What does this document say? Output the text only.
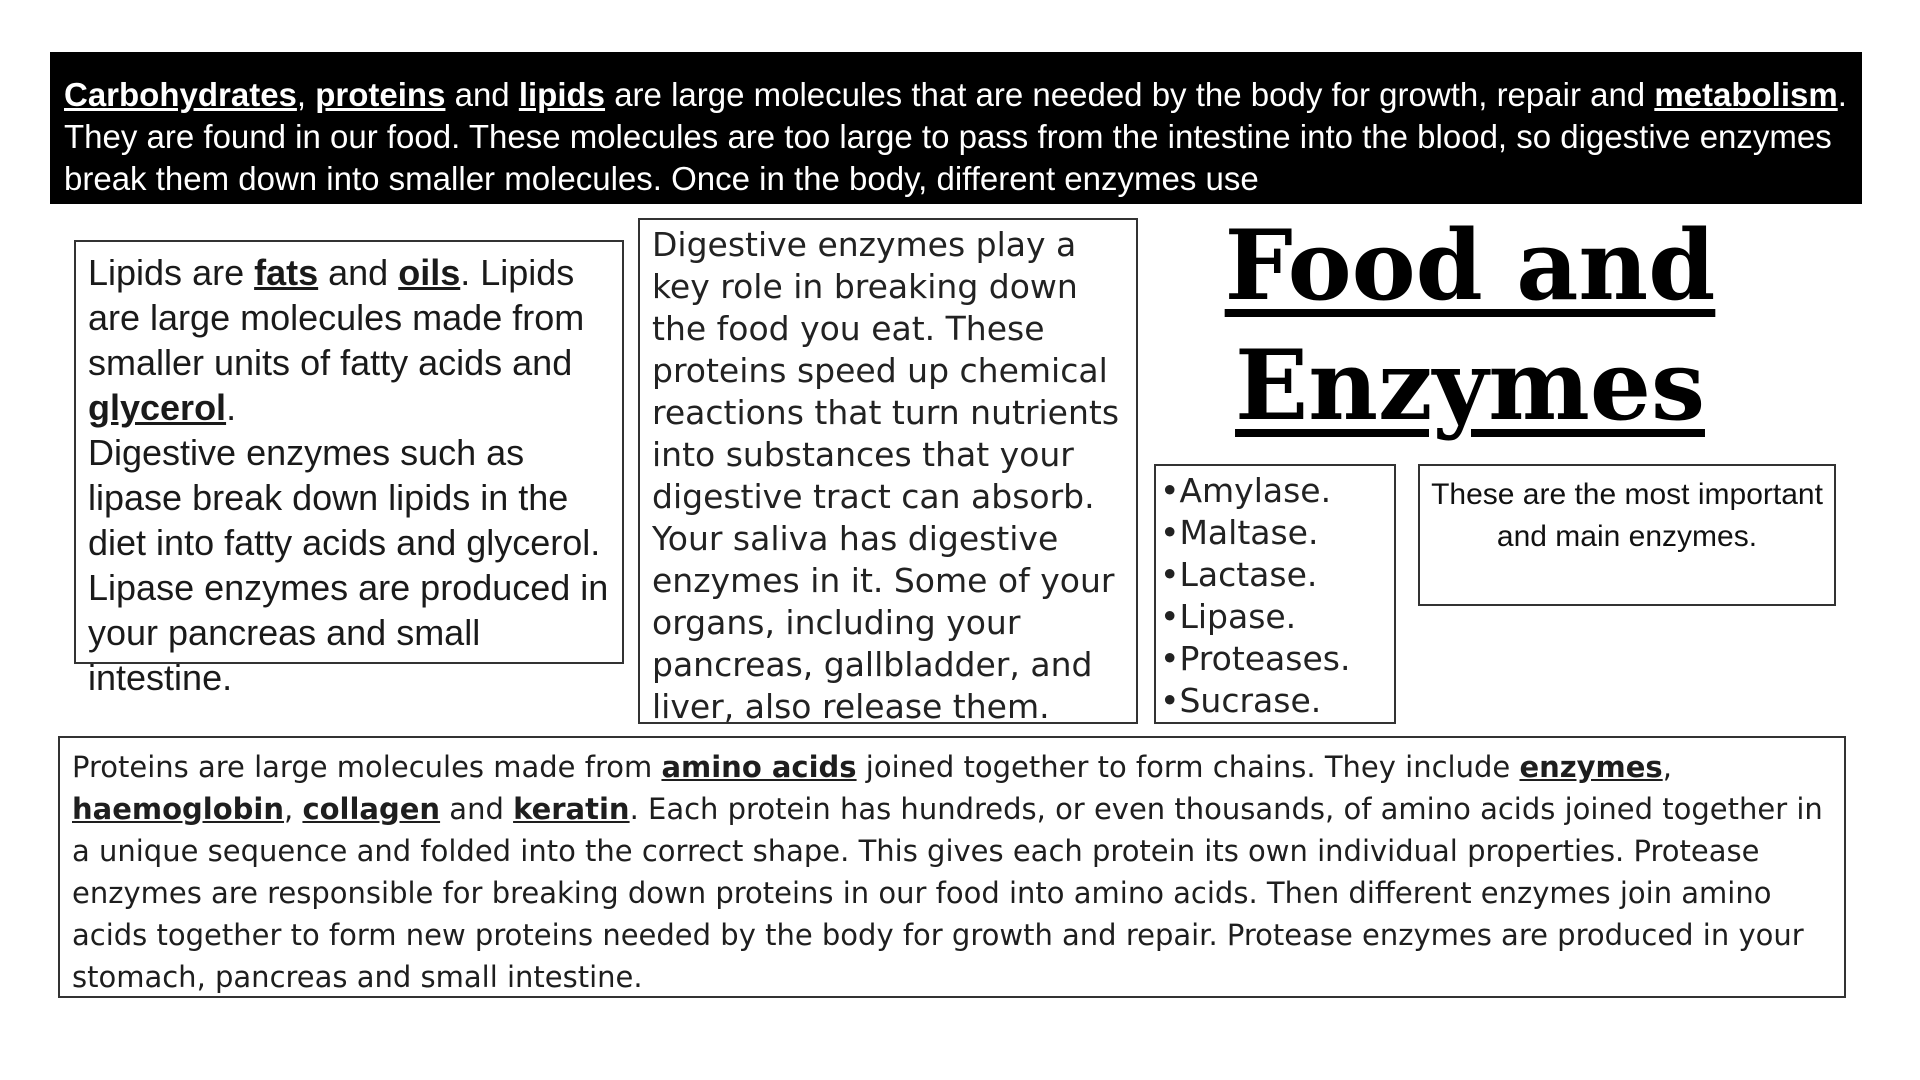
Carbohydrates, proteins and lipids are large molecules that are needed by the body for growth, repair and metabolism. They are found in our food. These molecules are too large to pass from the intestine into the blood, so digestive enzymes break them down into smaller molecules. Once in the body, different enzymes use
Food and
Enzymes
Lipids are fats and oils. Lipids are large molecules made from smaller units of fatty acids and glycerol.
Digestive enzymes such as lipase break down lipids in the diet into fatty acids and glycerol. Lipase enzymes are produced in your pancreas and small intestine.
Digestive enzymes play a key role in breaking down the food you eat. These proteins speed up chemical reactions that turn nutrients into substances that your digestive tract can absorb. Your saliva has digestive enzymes in it. Some of your organs, including your pancreas, gallbladder, and liver, also release them.
•Amylase.
•Maltase.
•Lactase.
•Lipase.
•Proteases.
•Sucrase.
These are the most important and main enzymes.
Proteins are large molecules made from amino acids joined together to form chains. They include enzymes, haemoglobin, collagen and keratin. Each protein has hundreds, or even thousands, of amino acids joined together in a unique sequence and folded into the correct shape. This gives each protein its own individual properties. Protease enzymes are responsible for breaking down proteins in our food into amino acids. Then different enzymes join amino acids together to form new proteins needed by the body for growth and repair. Protease enzymes are produced in your stomach, pancreas and small intestine.
